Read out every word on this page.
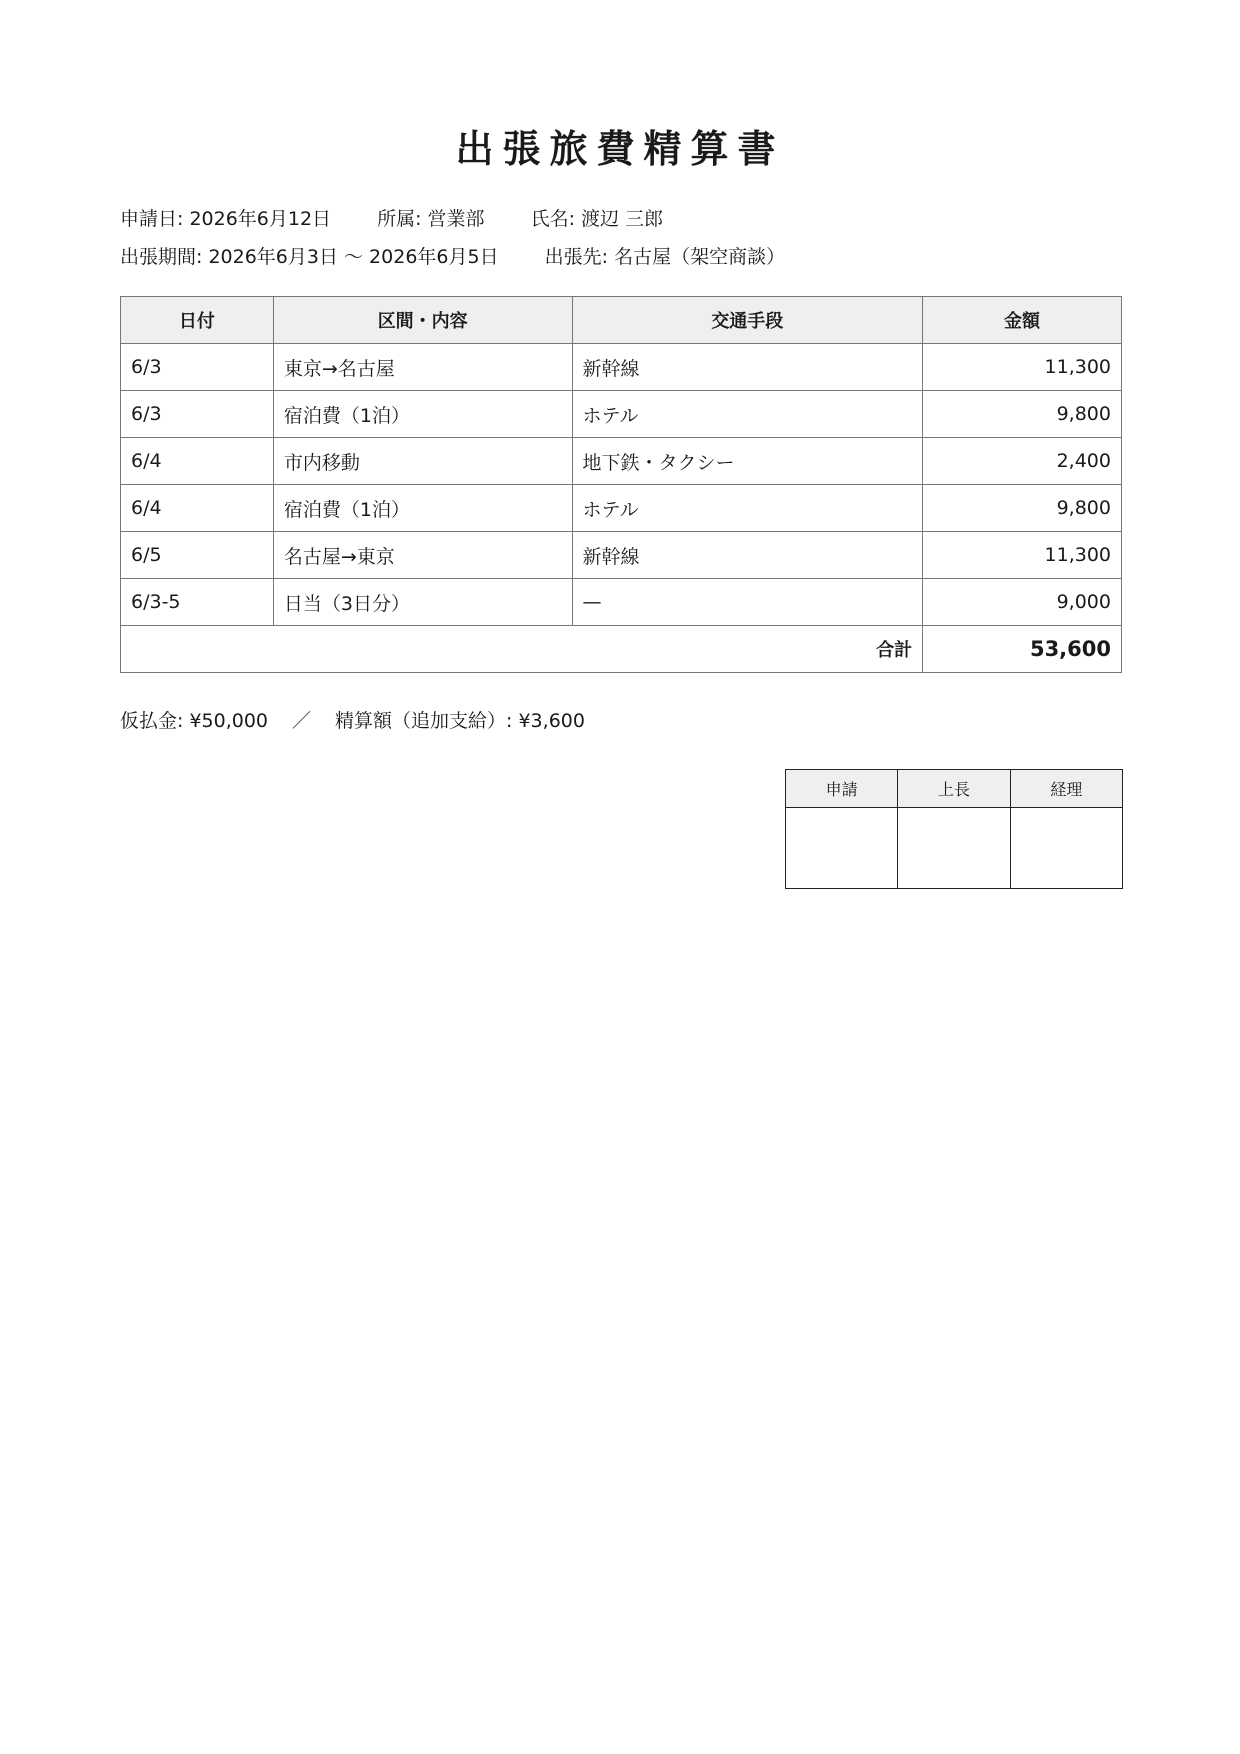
出張旅費精算書
申請日: 2026年6月12日 所属: 営業部 氏名: 渡辺 三郎
出張期間: 2026年6月3日 〜 2026年6月5日 出張先: 名古屋（架空商談）
日付	区間・内容	交通手段	金額
6/3	東京→名古屋	新幹線	11,300
6/3	宿泊費（1泊）	ホテル	9,800
6/4	市内移動	地下鉄・タクシー	2,400
6/4	宿泊費（1泊）	ホテル	9,800
6/5	名古屋→東京	新幹線	11,300
6/3-5	日当（3日分）	—	9,000
合計			53,600
仮払金: ¥50,000 ／ 精算額（追加支給）: ¥3,600
申請	上長	経理
